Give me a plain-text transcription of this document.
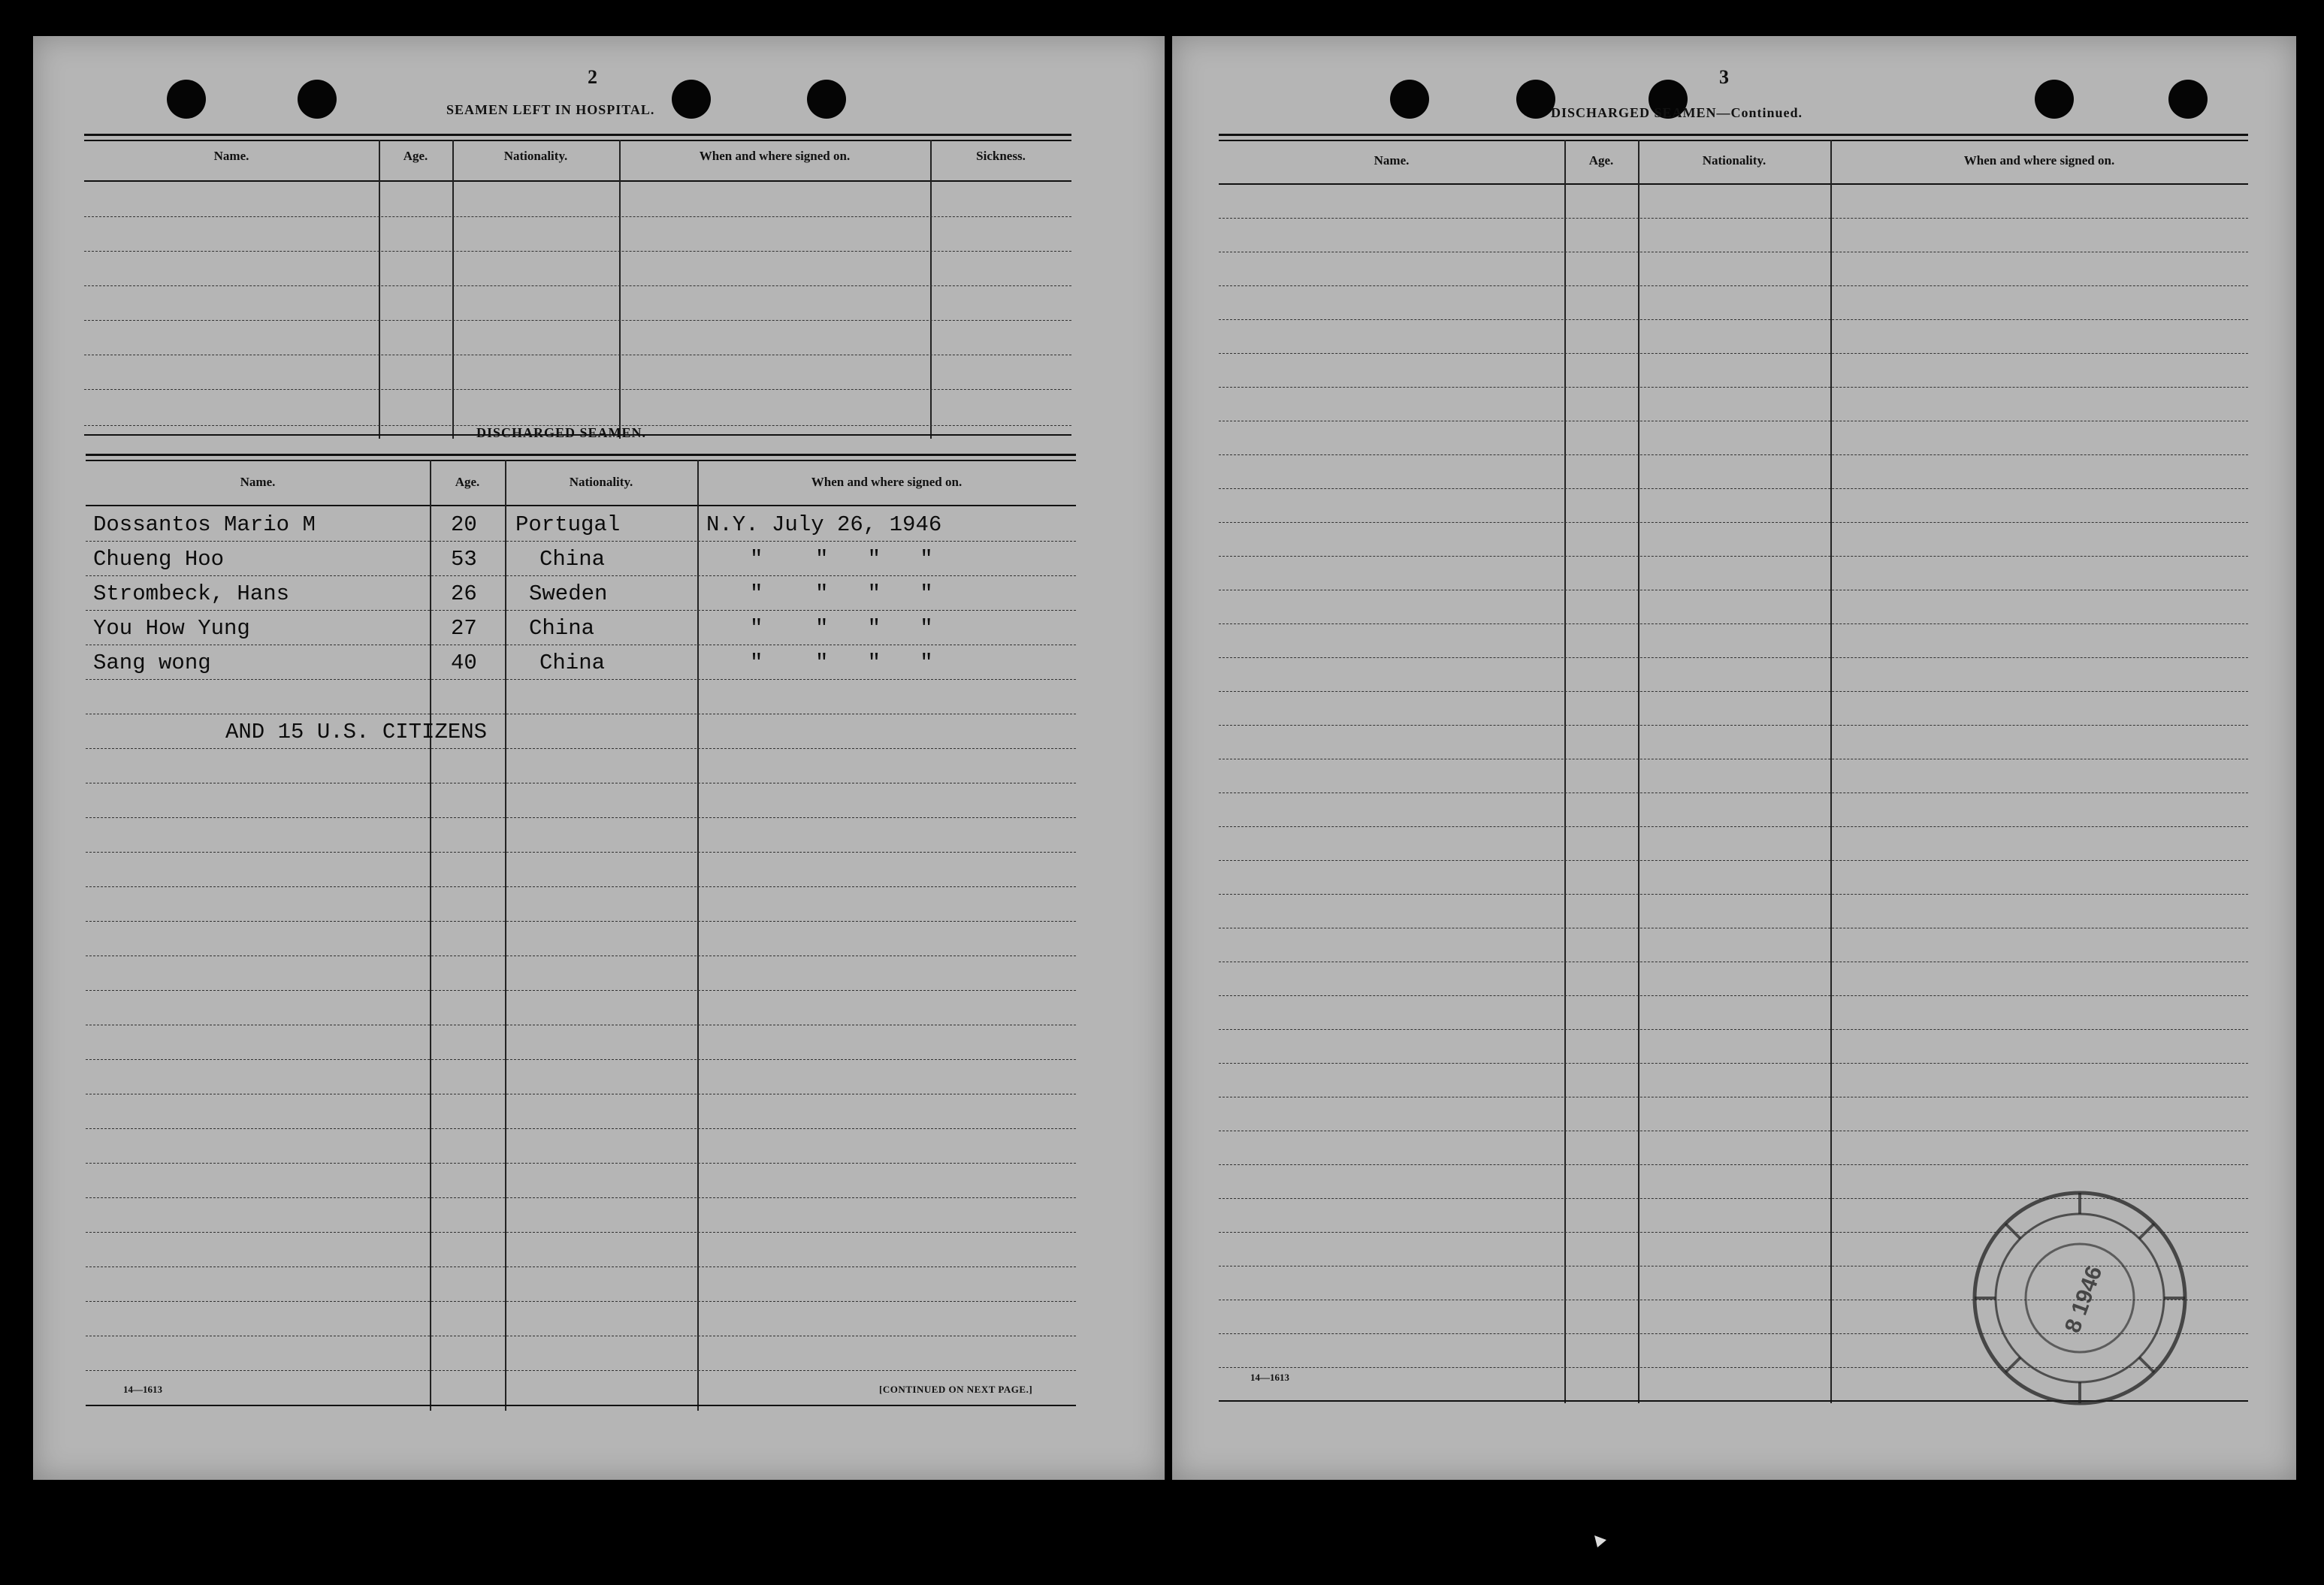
2
SEAMEN LEFT IN HOSPITAL.
Name.	Age.	Nationality.	When and where signed on.	Sickness.
DISCHARGED SEAMEN.
Name.	Age.	Nationality.	When and where signed on.
Dossantos Mario M	20 Portugal	N.Y. July 26, 1946
Chueng Hoo	53	China	"    "   "   "
Strombeck, Hans	26 Sweden	"    "   "   "
You How Yung	27 China	"    "   "   "
Sang wong	40	China	"    "   "   "
AND 15 U.S. CITIZENS
14—1613	[CONTINUED ON NEXT PAGE.]
3
DISCHARGED SEAMEN—Continued.
Name.	Age.	Nationality.	When and where signed on.
14—1613
8 1946
